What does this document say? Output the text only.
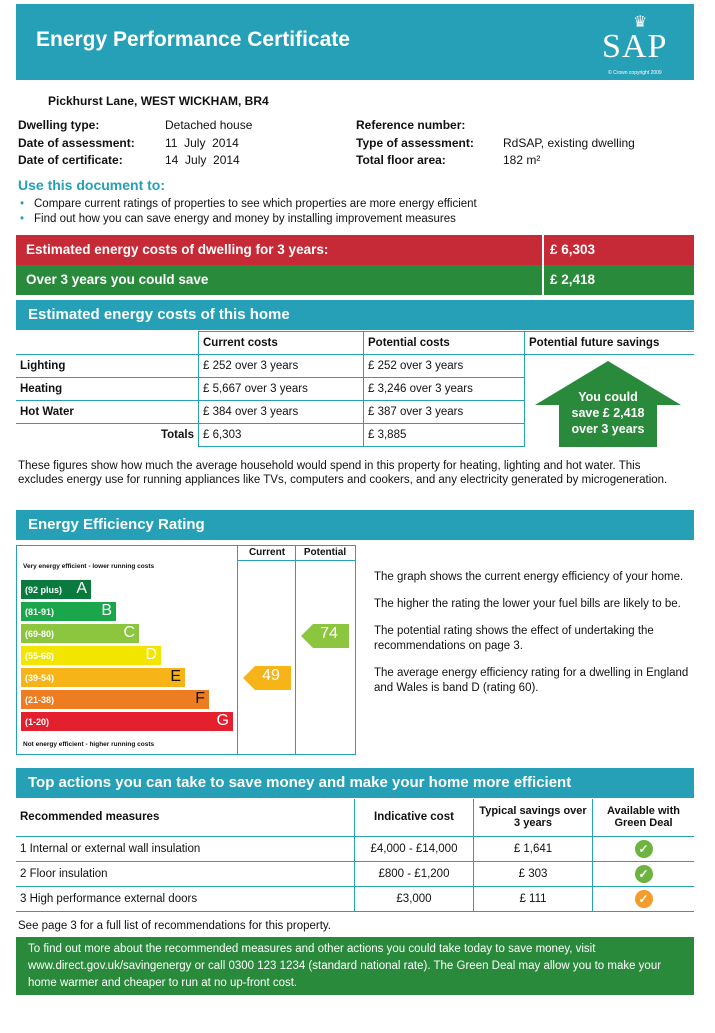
Energy Performance Certificate
♛
SAP
© Crown copyright 2009
Pickhurst Lane, WEST WICKHAM, BR4
Dwelling type:	Detached house
Date of assessment:	11  July  2014
Date of certificate:	14  July  2014
Reference number:
Type of assessment: RdSAP, existing dwelling
Total floor area:	182 m²
Use this document to:
• Compare current ratings of properties to see which properties are more energy efficient
• Find out how you can save energy and money by installing improvement measures
Estimated energy costs of dwelling for 3 years:	£ 6,303
Over 3 years you could save	£ 2,418
Estimated energy costs of this home
	Current costs	Potential costs	Potential future savings
Lighting	£ 252 over 3 years	£ 252 over 3 years	You could
save £ 2,418
over 3 years

Heating	£ 5,667 over 3 years	£ 3,246 over 3 years	
Hot Water	£ 384 over 3 years	£ 387 over 3 years	
Totals	£ 6,303	£ 3,885	
These figures show how much the average household would spend in this property for heating, lighting and hot water. This excludes energy use for running appliances like TVs, computers and cookers, and any electricity generated by microgeneration.
Energy Efficiency Rating
Current	Potential
Very energy efficient - lower running costs
Not energy efficient - higher running costs
(92 plus) A
(81-91)	B
(69-80)	C
(55-68)	D
(39-54)	E
(21-38)	F
(1-20)	G
49
74
The graph shows the current energy efficiency of your home.
The higher the rating the lower your fuel bills are likely to be.
The potential rating shows the effect of undertaking the recommendations on page 3.
The average energy efficiency rating for a dwelling in England and Wales is band D (rating 60).
Top actions you can take to save money and make your home more efficient
Recommended measures	Indicative cost	Typical savings over 3 years	Available with Green Deal
1 Internal or external wall insulation	£4,000 - £14,000	£ 1,641	✓
2 Floor insulation	£800 - £1,200	£ 303	✓
3 High performance external doors	£3,000	£ 111	✓
See page 3 for a full list of recommendations for this property.
To find out more about the recommended measures and other actions you could take today to save money, visit www.direct.gov.uk/savingenergy or call 0300 123 1234 (standard national rate). The Green Deal may allow you to make your home warmer and cheaper to run at no up-front cost.
